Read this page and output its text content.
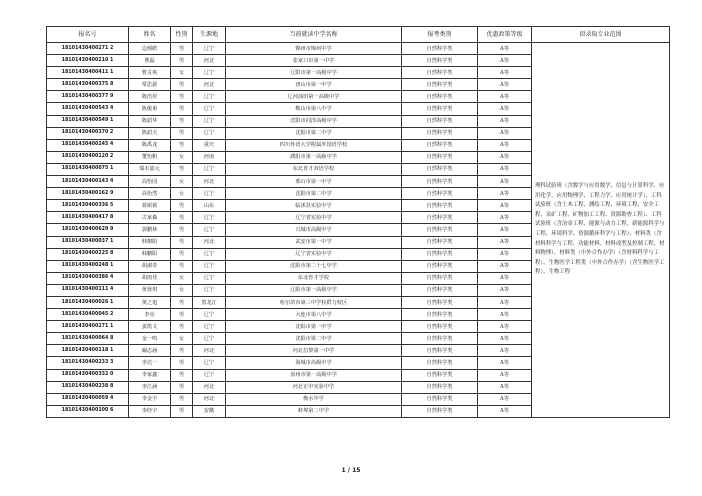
报名号	姓名	性别	生源地	当前就读中学名称	报考类别	优惠政策等级	拟录取专业范围
18101430400271 2	边炳皓	男	辽宁	锦州市锦州中学	自然科学类	A等	理科试验班（含数学与应用数学、信息与计算科学、应用化学、应用物理学、工程力学、应用统计学）、工科试验班（含土木工程、测绘工程、环境工程、安全工程、采矿工程、矿物加工工程、资源勘查工程）、工科试验班（含冶金工程、能源与动力工程、新能源科学与工程、环境科学、资源循环科学与工程）、材料类（含材料科学与工程、功能材料、材料成型及控制工程、材料物理）、材料类（中外合作办学）（含材料科学与工程）、生物医学工程类（中外合作办学）（含生物医学工程）、生物工程
18101430400210 1	曹磊	男	河北	张家口市第一中学	自然科学类	A等	
18101430400411 1	曹灵爽	女	辽宁	辽阳市第一高级中学	自然科学类	A等	
18101430400375 8	常思源	男	河北	唐山市第一中学	自然科学类	A等	
18101430400377 9	陈浩彤	男	辽宁	辽河油田第一高级中学	自然科学类	A等	
18101430400543 4	陈俊甫	男	辽宁	鞍山市第八中学	自然科学类	A等	
18101430400549 1	陈韶华	男	辽宁	沈阳市同泽高级中学	自然科学类	A等	
18101430400370 2	陈韶天	男	辽宁	沈阳市第二中学	自然科学类	A等	
18101430400245 4	陈禹龙	男	重庆	四川外语大学附属外国语学校	自然科学类	A等	
18101430400120 2	董怡帆	女	河南	濮阳市第一高级中学	自然科学类	A等	
18101430400075 1	瑞木嘉元	男	辽宁	东北育才双语学校	自然科学类	A等	
18101430400143 4	高怡园	女	河北	邢台市第一中学	自然科学类	A等	
18101430400162 9	高怡然	女	辽宁	沈阳市第二中学	自然科学类	A等	
18101430400336 5	葛铭铭	男	山东	临沭县实验中学	自然科学类	A等	
18101430400417 8	古家森	男	辽宁	辽宁省实验中学	自然科学类	A等	
18101430400629 9	郭鹏林	男	辽宁	兴城市高级中学	自然科学类	A等	
18101430400037 1	韩朝阳	男	河北	武安市第一中学	自然科学类	A等	
18101430400225 8	韩鹏阳	男	辽宁	辽宁省实验中学	自然科学类	A等	
18101430400248 1	胡淑奇	男	辽宁	沈阳市第二十七中学	自然科学类	A等	
18101430400386 4	胡雨佳	女	辽宁	东北育才学校	自然科学类	A等	
18101430400111 4	黄蓉琪	女	辽宁	辽阳市第一高级中学	自然科学类	A等	
18101430400026 1	黄之旭	男	黑龙江	哈尔滨市第三中学校群力校区	自然科学类	A等	
18101430400045 2	李亮	男	辽宁	大连市第八中学	自然科学类	A等	
18101430400271 1	姜凯文	男	辽宁	沈阳市第一中学	自然科学类	A等	
18101430400064 8	金一鸣	女	辽宁	沈阳市第二中学	自然科学类	A等	
18101430400118 1	阚志涵	男	河北	河北昌黎第一中学	自然科学类	A等	
18101430400233 3	李达一	男	辽宁	海城市高级中学	自然科学类	A等	
18101430400332 0	李家鑫	男	辽宁	盘州市第一高级中学	自然科学类	A等	
18101430400238 8	李江涵	男	河北	河北正中实验中学	自然科学类	A等	
18101430400059 4	李金宇	男	河北	衡水中学	自然科学类	A等	
18101430400100 6	李经宇	男	安徽	蚌埠第二中学	自然科学类	A等	
1 / 15
